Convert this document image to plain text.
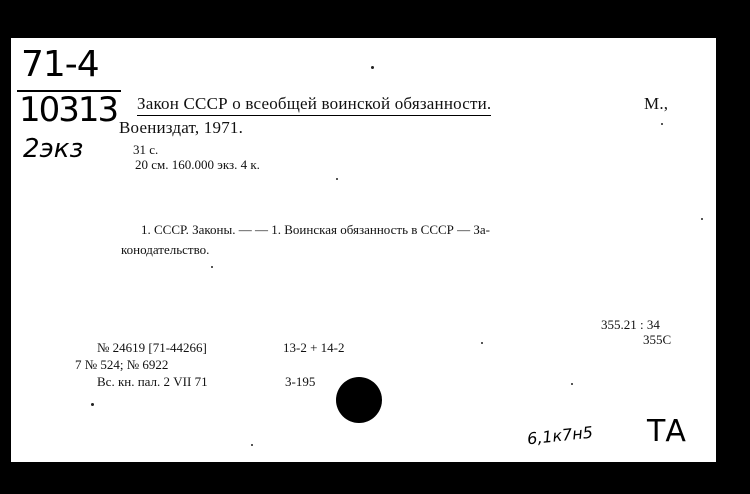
71-4
10313
2экз
Закон СССР о всеобщей воинской обязанности.	М.,
Воениздат, 1971.
31 с.
20 см. 160.000 экз. 4 к.
1. СССР. Законы. — — 1. Воинская обязанность в СССР — За-
конодательство.
355.21 : 34
355С
№ 24619 [71-44266]	13-2 + 14-2
7 № 524; № 6922
Вс. кн. пал. 2 VII 71	3-195
6,1к7н5 ТА
